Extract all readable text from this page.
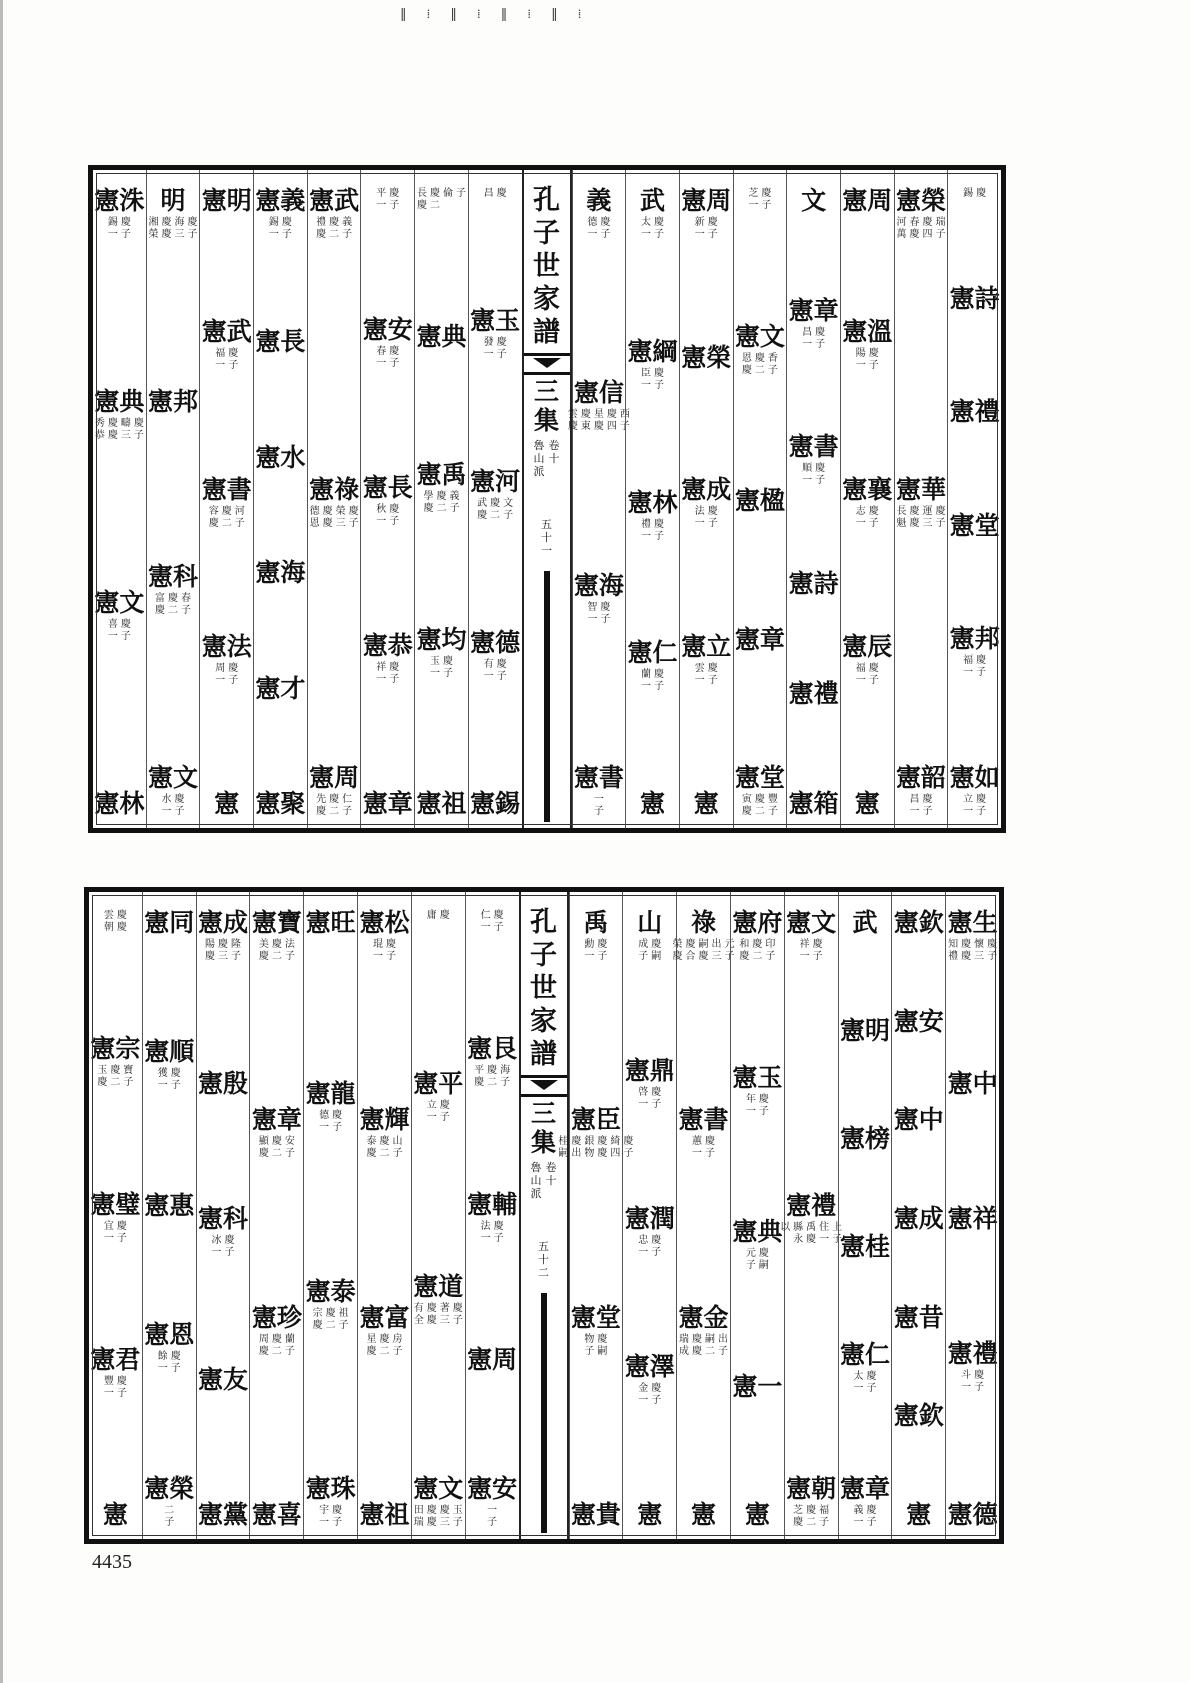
‖ ⁞ ‖ ⁞ ‖ ⁞ ‖ ⁞
慶
錫
憲詩
憲禮
憲堂
憲邦
慶子
福一
憲如
慶子
立一
憲榮
瑞子
慶四
春慶
河萬
憲華
慶子
運三
慶慶
長魁
憲韶
慶子
昌一
憲周
憲溫
慶子
陽一
憲襄
慶子
志一
憲辰
慶子
福一
憲
文
憲章
慶子
昌一
憲書
慶子
順一
憲詩
憲禮
憲箱
慶子
芝一
憲文
香子
慶二
恩慶
憲楹
憲章
憲堂
豐子
慶二
寅慶
憲周
慶子
新一
憲榮
憲成
慶子
法一
憲立
慶子
雲一
憲
武
慶子
太一
憲綱
慶子
臣一
憲林
慶子
禮一
憲仁
慶子
蘭一
憲
義
慶子
德一
憲信
西子
慶四
星慶
慶東
雲慶
憲海
慶子
智一
憲書
一子
孔子世家譜
三集
卷十
魯山派
五十一
慶
昌
憲玉
慶子
發一
憲河
文子
慶二
武慶
憲德
慶子
有一
憲錫
子
倫
慶二
長慶
憲典
憲禹
義子
慶二
學慶
憲均
慶子
玉一
憲祖
慶子
平一
憲安
慶子
春一
憲長
慶子
秋一
憲恭
慶子
祥一
憲章
憲武
義子
慶二
禮慶
憲祿
慶子
榮三
慶慶
德恩
憲周
仁子
慶二
先慶
憲義
慶子
錫一
憲長
憲水
憲海
憲才
憲聚
憲明
憲武
慶子
福一
憲書
河子
慶二
容慶
憲法
慶子
周一
憲
明
慶子
海三
慶慶
湘榮
憲邦
憲科
春子
慶二
富慶
憲文
慶子
水一
憲洙
慶子
錫一
憲典
慶子
疇三
慶慶
秀恭
憲文
慶子
喜一
憲林
憲生
慶子
懷三
慶慶
知禮
憲中
憲祥
憲禮
慶子
斗一
憲德
憲欽
憲安
憲中
憲成
憲昔
憲欽
憲
武
憲明
憲榜
憲桂
憲仁
慶子
太一
憲章
慶子
義一
憲文
慶子
祥一
憲禮
上子
住一
禹慶
縣永
以
憲朝
福子
慶二
芝慶
憲府
印子
慶二
和慶
憲玉
慶子
年一
憲典
慶嗣
元子
憲一
憲
祿
元子
出三
嗣慶
慶合
榮慶
憲書
慶子
蕙一
憲金
出子
嗣二
慶慶
瑞成
憲
山
慶嗣
成子
憲鼎
慶子
啓一
憲潤
慶子
忠一
憲澤
慶子
金一
憲
禹
慶子
勳一
憲臣
慶子
綺四
慶慶
銀物
慶出
桂嗣
憲堂
慶嗣
物子
憲貴
孔子世家譜
三集
卷十
魯山派
五十二
慶子
仁一
憲艮
海子
慶二
平慶
憲輔
慶子
法一
憲周
憲安
一子
慶
庸
憲平
慶子
立一
憲道
慶子
著三
慶慶
有全
憲文
玉子
慶三
慶慶
田瑞
憲松
慶子
琨一
憲輝
山子
慶二
泰慶
憲富
房子
慶二
星慶
憲祖
憲旺
憲龍
慶子
德一
憲泰
祖子
慶二
宗慶
憲珠
慶子
宇一
憲寶
法子
慶二
美慶
憲章
安子
慶二
顯慶
憲珍
蘭子
慶二
周慶
憲喜
憲成
隆子
慶三
陽慶
憲殷
憲科
慶子
冰一
憲友
憲黨
憲同
憲順
慶子
獲一
憲惠
憲恩
慶子
餘一
憲榮
二子
慶慶
雲朝
憲宗
寶子
慶二
玉慶
憲璧
慶子
宜一
憲君
慶子
豐一
憲
4435
